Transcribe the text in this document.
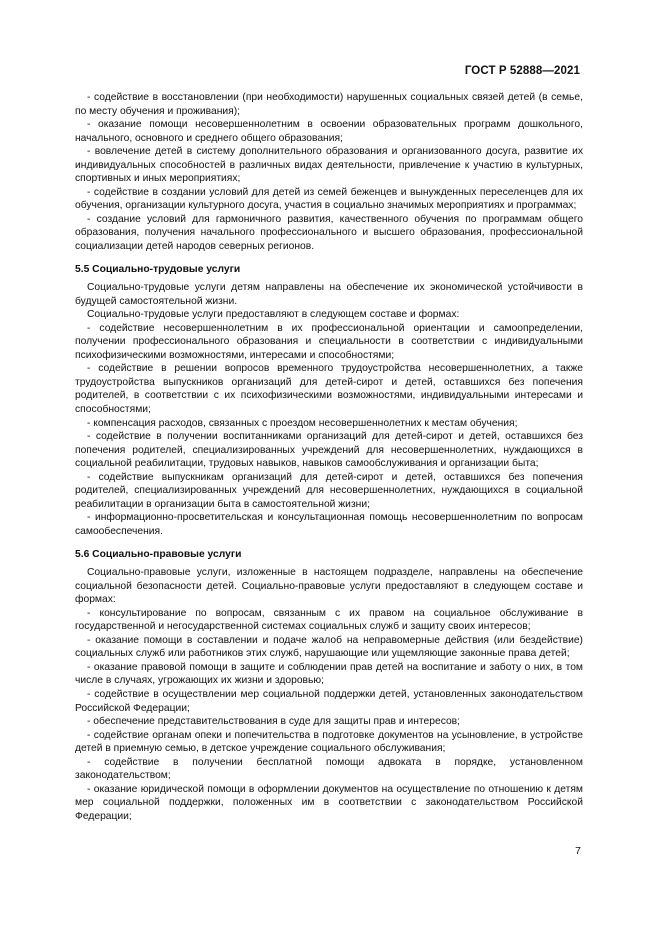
ГОСТ Р 52888—2021

- содействие в восстановлении (при необходимости) нарушенных социальных связей детей (в семье, по месту обучения и проживания);

- оказание помощи несовершеннолетним в освоении образовательных программ дошкольного, начального, основного и среднего общего образования;

- вовлечение детей в систему дополнительного образования и организованного досуга, развитие их индивидуальных способностей в различных видах деятельности, привлечение к участию в культурных, спортивных и иных мероприятиях;

- содействие в создании условий для детей из семей беженцев и вынужденных переселенцев для их обучения, организации культурного досуга, участия в социально значимых мероприятиях и программах;

- создание условий для гармоничного развития, качественного обучения по программам общего образования, получения начального профессионального и высшего образования, профессиональной социализации детей народов северных регионов.

5.5 Социально-трудовые услуги

Социально-трудовые услуги детям направлены на обеспечение их экономической устойчивости в будущей самостоятельной жизни.

Социально-трудовые услуги предоставляют в следующем составе и формах:

- содействие несовершеннолетним в их профессиональной ориентации и самоопределении, получении профессионального образования и специальности в соответствии с индивидуальными психофизическими возможностями, интересами и способностями;

- содействие в решении вопросов временного трудоустройства несовершеннолетних, а также трудоустройства выпускников организаций для детей-сирот и детей, оставшихся без попечения родителей, в соответствии с их психофизическими возможностями, индивидуальными интересами и способностями;

- компенсация расходов, связанных с проездом несовершеннолетних к местам обучения;

- содействие в получении воспитанниками организаций для детей-сирот и детей, оставшихся без попечения родителей, специализированных учреждений для несовершеннолетних, нуждающихся в социальной реабилитации, трудовых навыков, навыков самообслуживания и организации быта;

- содействие выпускникам организаций для детей-сирот и детей, оставшихся без попечения родителей, специализированных учреждений для несовершеннолетних, нуждающихся в социальной реабилитации в организации быта в самостоятельной жизни;

- информационно-просветительская и консультационная помощь несовершеннолетним по вопросам самообеспечения.

5.6 Социально-правовые услуги

Социально-правовые услуги, изложенные в настоящем подразделе, направлены на обеспечение социальной безопасности детей. Социально-правовые услуги предоставляют в следующем составе и формах:

- консультирование по вопросам, связанным с их правом на социальное обслуживание в государственной и негосударственной системах социальных служб и защиту своих интересов;

- оказание помощи в составлении и подаче жалоб на неправомерные действия (или бездействие) социальных служб или работников этих служб, нарушающие или ущемляющие законные права детей;

- оказание правовой помощи в защите и соблюдении прав детей на воспитание и заботу о них, в том числе в случаях, угрожающих их жизни и здоровью;

- содействие в осуществлении мер социальной поддержки детей, установленных законодательством Российской Федерации;

- обеспечение представительствования в суде для защиты прав и интересов;

- содействие органам опеки и попечительства в подготовке документов на усыновление, в устройстве детей в приемную семью, в детское учреждение социального обслуживания;

- содействие в получении бесплатной помощи адвоката в порядке, установленном законодательством;

- оказание юридической помощи в оформлении документов на осуществление по отношению к детям мер социальной поддержки, положенных им в соответствии с законодательством Российской Федерации;

7
